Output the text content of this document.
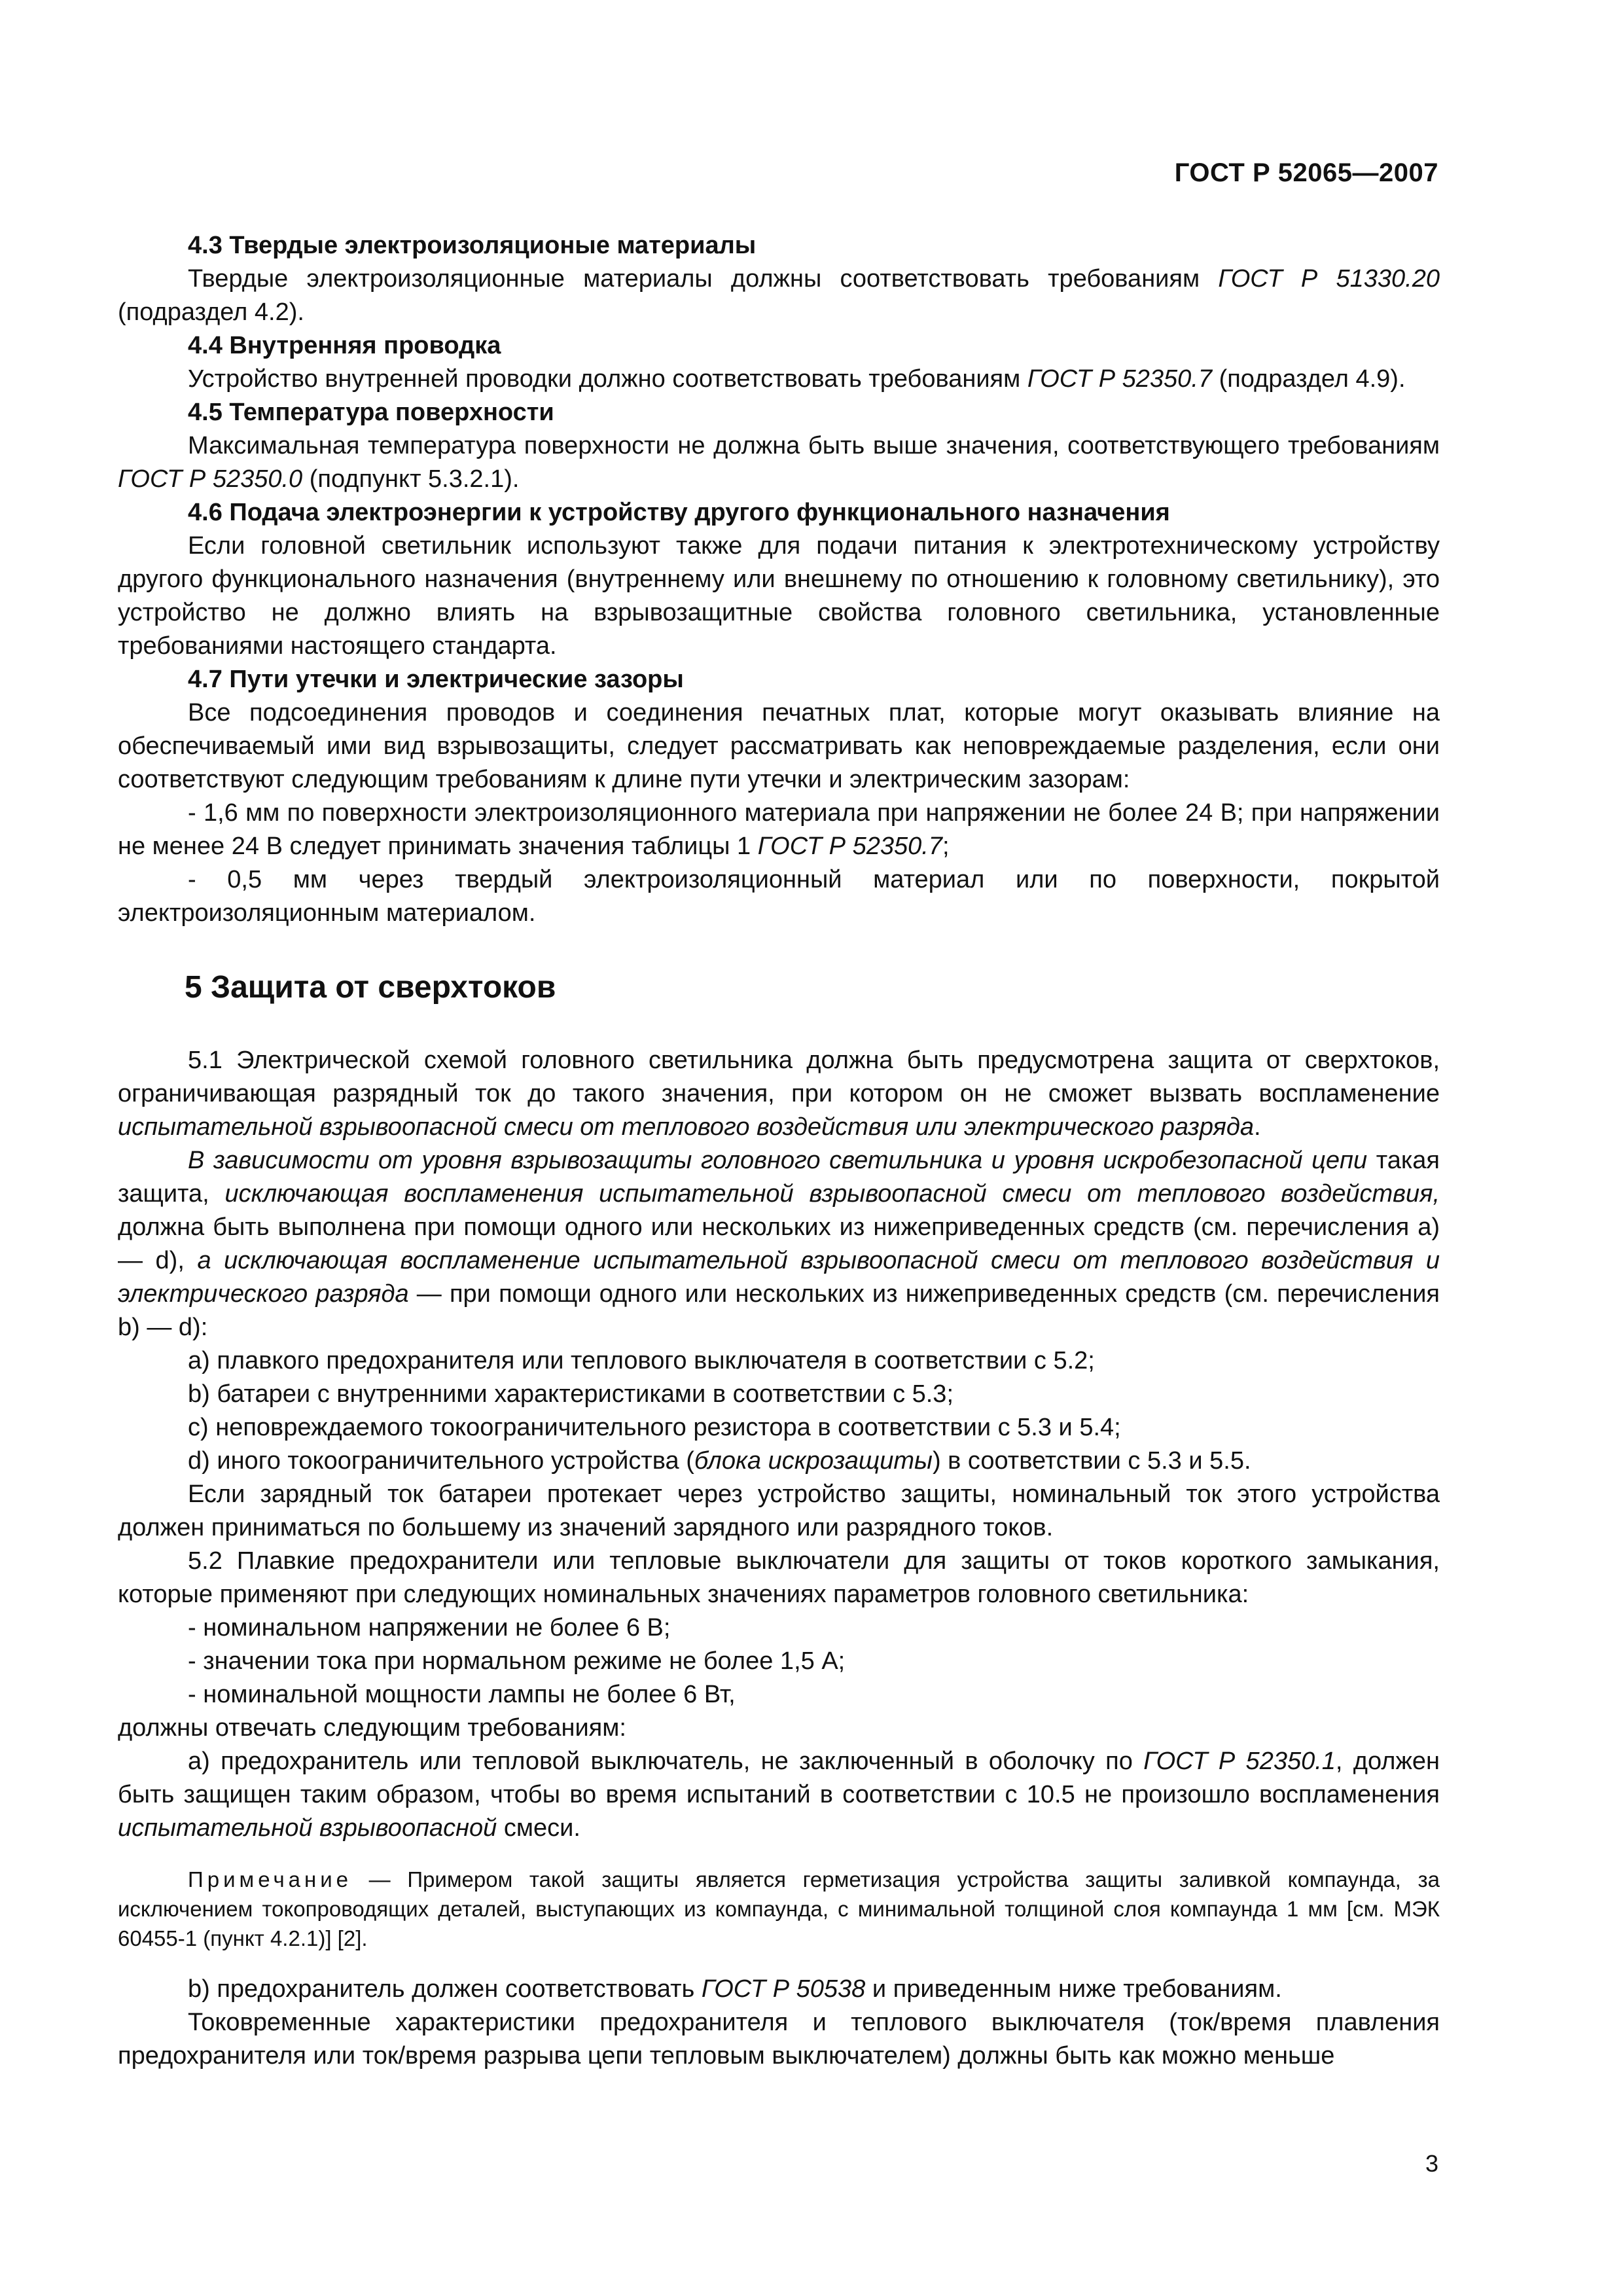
ГОСТ Р 52065—2007

4.3 Твердые электроизоляционые материалы

Твердые электроизоляционные материалы должны соответствовать требованиям ГОСТ Р 51330.20 (подраздел 4.2).

4.4 Внутренняя проводка

Устройство внутренней проводки должно соответствовать требованиям ГОСТ Р 52350.7 (подраздел 4.9).

4.5 Температура поверхности

Максимальная температура поверхности не должна быть выше значения, соответствующего требованиям ГОСТ Р 52350.0 (подпункт 5.3.2.1).

4.6 Подача электроэнергии к устройству другого функционального назначения

Если головной светильник используют также для подачи питания к электротехническому устройству другого функционального назначения (внутреннему или внешнему по отношению к головному светильнику), это устройство не должно влиять на взрывозащитные свойства головного светильника, установленные требованиями настоящего стандарта.

4.7 Пути утечки и электрические зазоры

Все подсоединения проводов и соединения печатных плат, которые могут оказывать влияние на обеспечиваемый ими вид взрывозащиты, следует рассматривать как неповреждаемые разделения, если они соответствуют следующим требованиям к длине пути утечки и электрическим зазорам:

- 1,6 мм по поверхности электроизоляционного материала при напряжении не более 24 В; при напряжении не менее 24 В следует принимать значения таблицы 1 ГОСТ Р 52350.7;

- 0,5 мм через твердый электроизоляционный материал или по поверхности, покрытой электроизоляционным материалом.

5 Защита от сверхтоков

5.1 Электрической схемой головного светильника должна быть предусмотрена защита от сверхтоков, ограничивающая разрядный ток до такого значения, при котором он не сможет вызвать воспламенение испытательной взрывоопасной смеси от теплового воздействия или электрического разряда.

В зависимости от уровня взрывозащиты головного светильника и уровня искробезопасной цепи такая защита, исключающая воспламенения испытательной взрывоопасной смеси от теплового воздействия, должна быть выполнена при помощи одного или нескольких из нижеприведенных средств (см. перечисления a) — d), а исключающая воспламенение испытательной взрывоопасной смеси от теплового воздействия и электрического разряда — при помощи одного или нескольких из нижеприведенных средств (см. перечисления b) — d):

a) плавкого предохранителя или теплового выключателя в соответствии с 5.2;

b) батареи с внутренними характеристиками в соответствии с 5.3;

c) неповреждаемого токоограничительного резистора в соответствии с 5.3 и 5.4;

d) иного токоограничительного устройства (блока искрозащиты) в соответствии с 5.3 и 5.5.

Если зарядный ток батареи протекает через устройство защиты, номинальный ток этого устройства должен приниматься по большему из значений зарядного или разрядного токов.

5.2 Плавкие предохранители или тепловые выключатели для защиты от токов короткого замыкания, которые применяют при следующих номинальных значениях параметров головного светильника:

- номинальном напряжении не более 6 В;

- значении тока при нормальном режиме не более 1,5 А;

- номинальной мощности лампы не более 6 Вт,

должны отвечать следующим требованиям:

a) предохранитель или тепловой выключатель, не заключенный в оболочку по ГОСТ Р 52350.1, должен быть защищен таким образом, чтобы во время испытаний в соответствии с 10.5 не произошло воспламенения испытательной взрывоопасной смеси.

Примечание — Примером такой защиты является герметизация устройства защиты заливкой компаунда, за исключением токопроводящих деталей, выступающих из компаунда, с минимальной толщиной слоя компаунда 1 мм [см. МЭК 60455-1 (пункт 4.2.1)] [2].

b) предохранитель должен соответствовать ГОСТ Р 50538 и приведенным ниже требованиям.

Токовременные характеристики предохранителя и теплового выключателя (ток/время плавления предохранителя или ток/время разрыва цепи тепловым выключателем) должны быть как можно меньше

3
